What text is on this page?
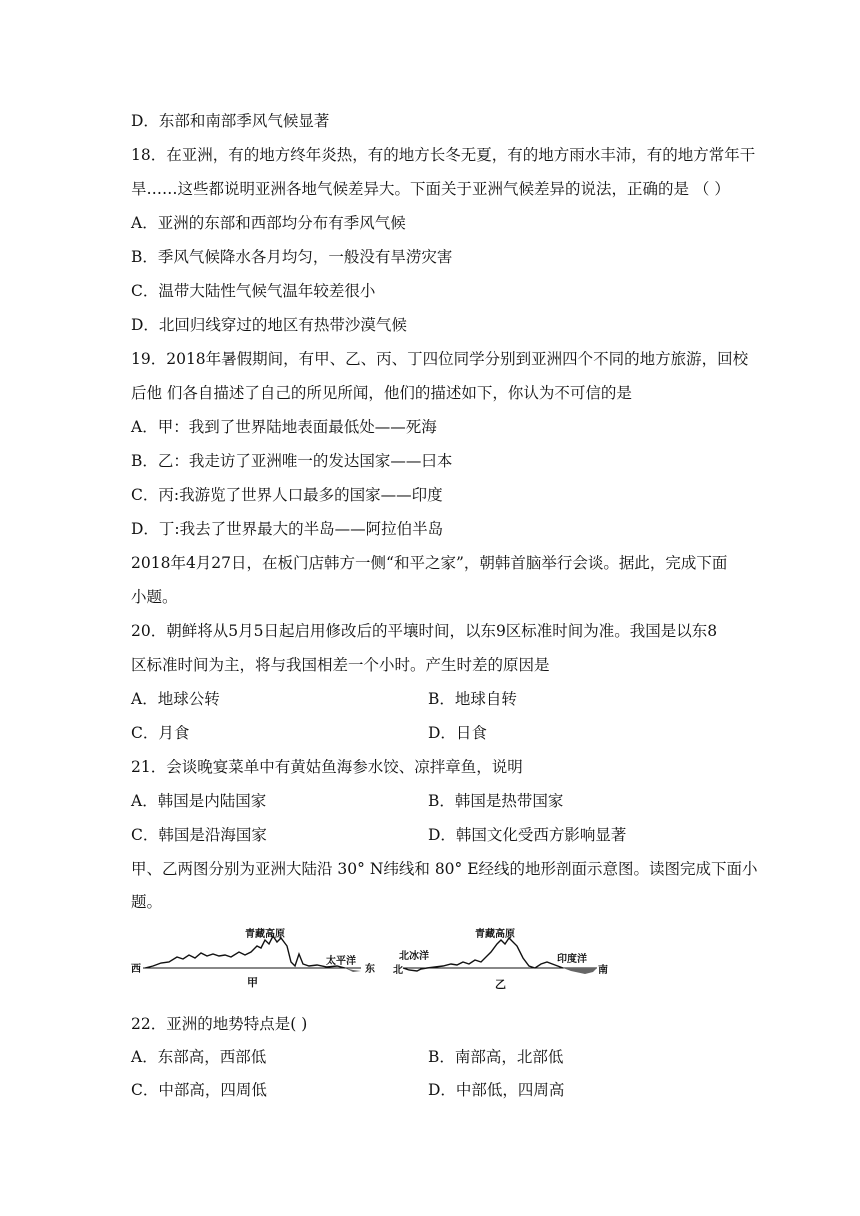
D．东部和南部季风气候显著
18．在亚洲，有的地方终年炎热，有的地方长冬无夏，有的地方雨水丰沛，有的地方常年干
旱……这些都说明亚洲各地气候差异大。下面关于亚洲气候差异的说法，正确的是 （ ）
A．亚洲的东部和西部均分布有季风气候
B．季风气候降水各月均匀，一般没有旱涝灾害
C．温带大陆性气候气温年较差很小
D．北回归线穿过的地区有热带沙漠气候
19．2018年暑假期间，有甲、乙、丙、丁四位同学分别到亚洲四个不同的地方旅游，回校
后他 们各自描述了自己的所见所闻，他们的描述如下，你认为不可信的是
A．甲：我到了世界陆地表面最低处——死海
B．乙：我走访了亚洲唯一的发达国家——曰本
C．丙:我游览了世界人口最多的国家——印度
D．丁:我去了世界最大的半岛——阿拉伯半岛
2018年4月27日，在板门店韩方一侧“和平之家”，朝韩首脑举行会谈。据此，完成下面
小题。
20．朝鲜将从5月5日起启用修改后的平壤时间，以东9区标准时间为准。我国是以东8
区标准时间为主，将与我国相差一个小时。产生时差的原因是
A．地球公转	B．地球自转
C．月食	D．日食
21．会谈晚宴菜单中有黄姑鱼海参水饺、凉拌章鱼，说明
A．韩国是内陆国家	B．韩国是热带国家
C．韩国是沿海国家	D．韩国文化受西方影响显著
甲、乙两图分别为亚洲大陆沿 30° N纬线和 80° E经线的地形剖面示意图。读图完成下面小
题。
西	东
青藏高原
太平洋
甲
北	南
北冰洋
青藏高原
印度洋
乙
22．亚洲的地势特点是( )
A．东部高，西部低	B．南部高，北部低
C．中部高，四周低	D．中部低，四周高
